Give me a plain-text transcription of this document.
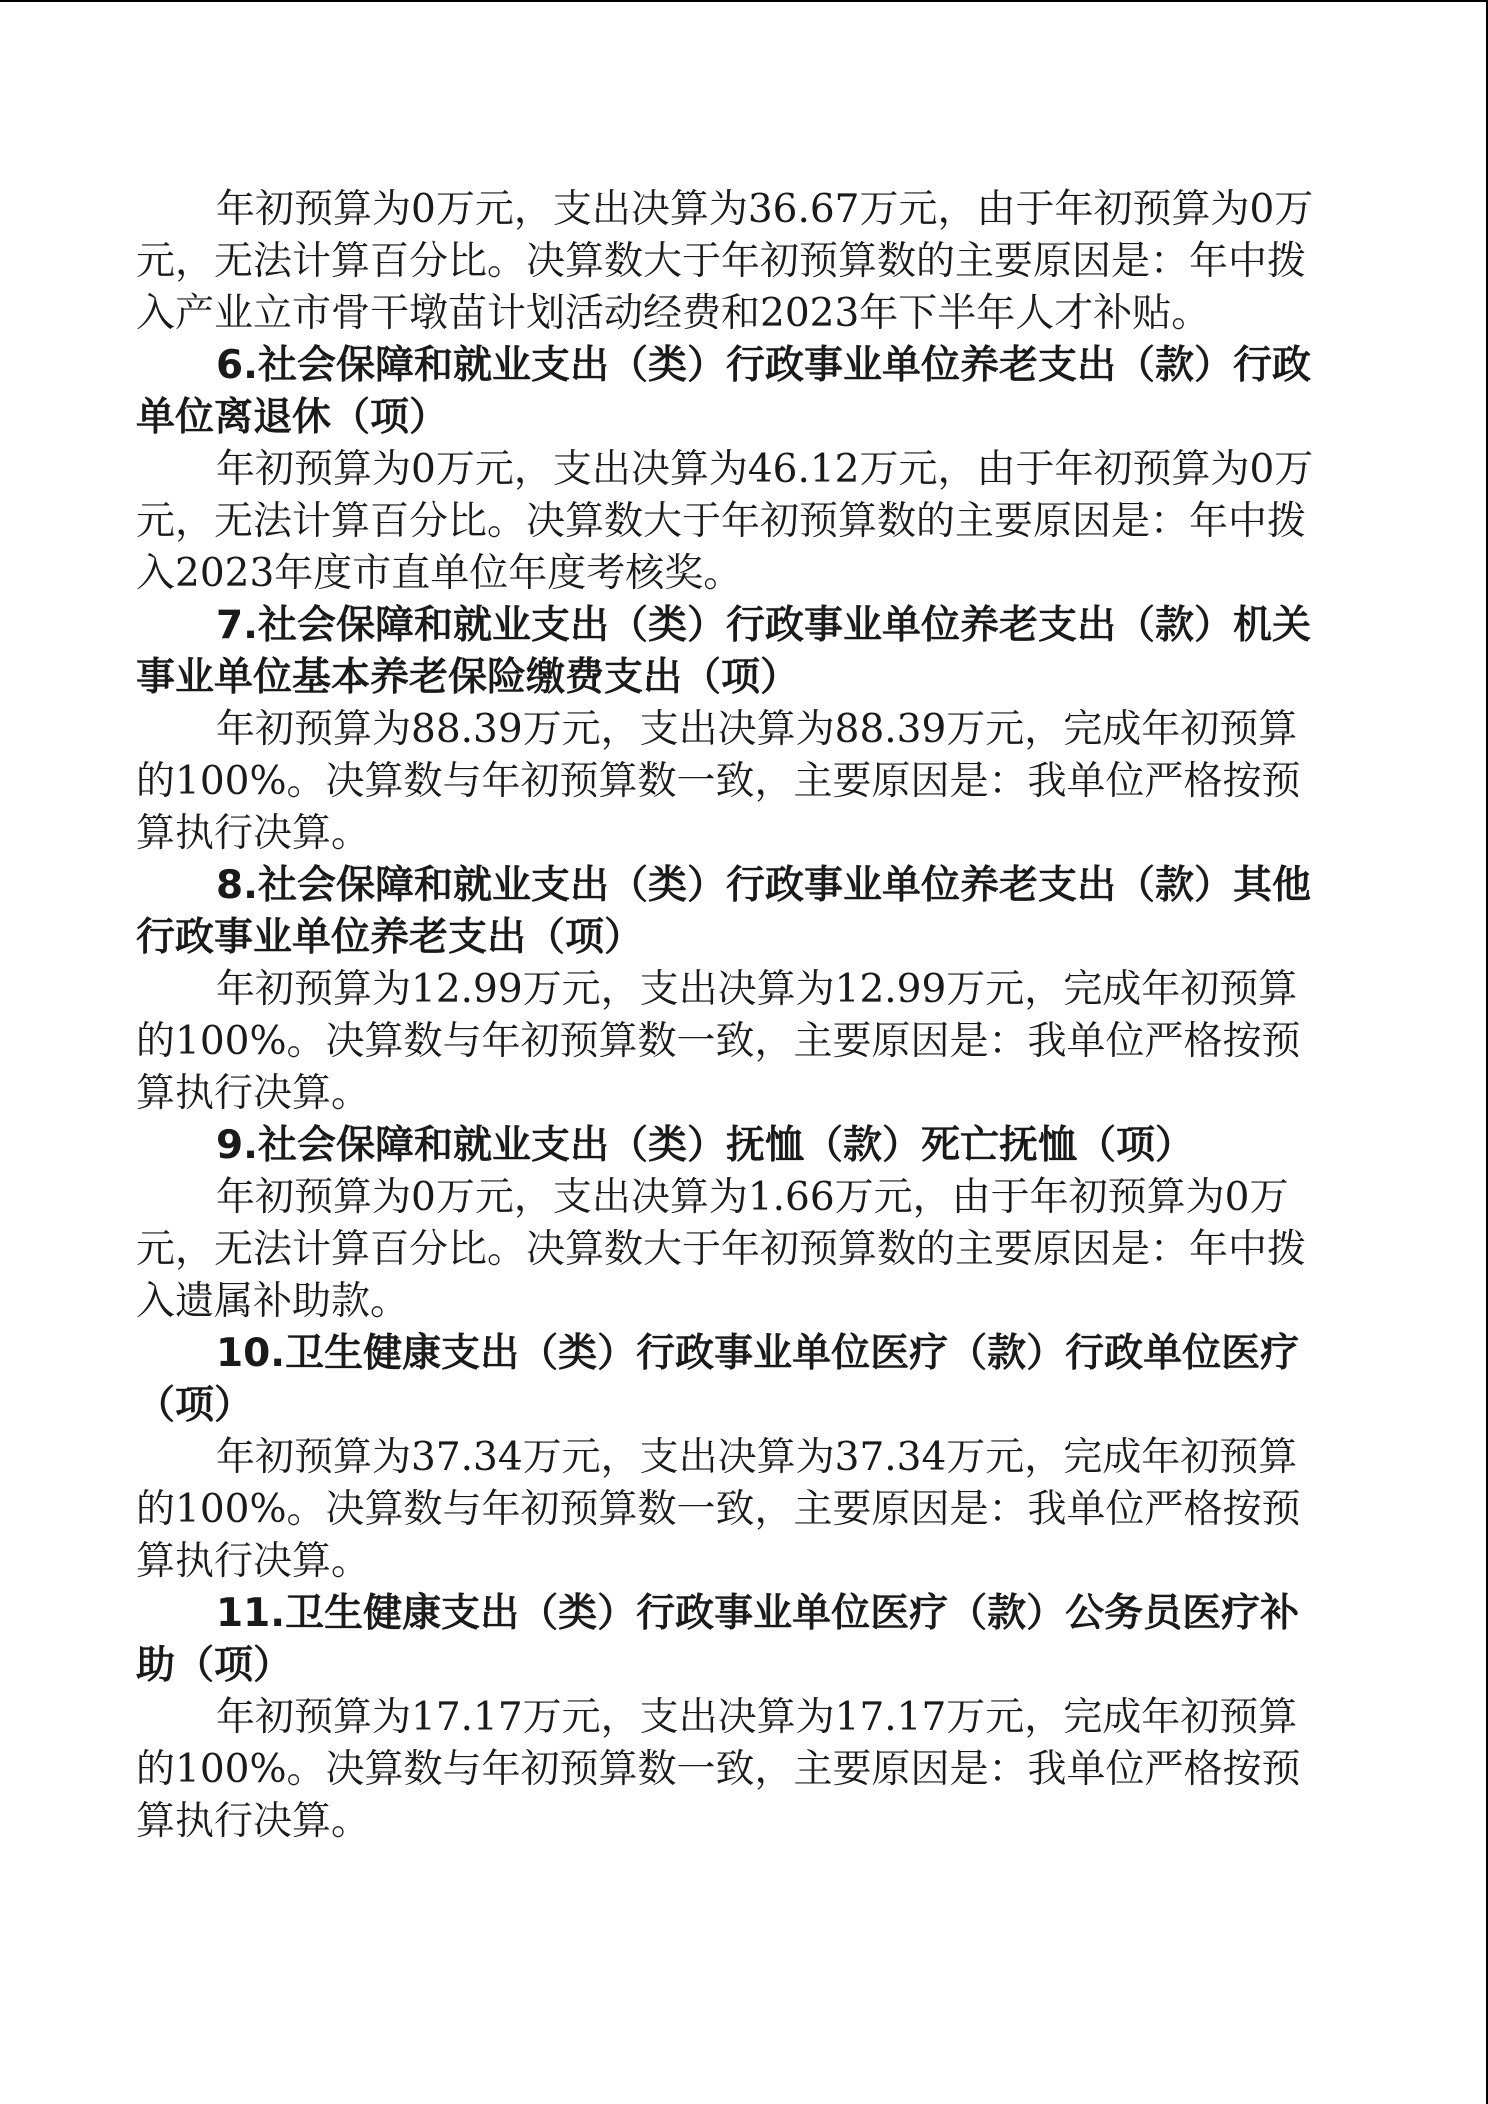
年初预算为0万元，支出决算为36.67万元，由于年初预算为0万元，无法计算百分比。决算数大于年初预算数的主要原因是：年中拨入产业立市骨干墩苗计划活动经费和2023年下半年人才补贴。

6.社会保障和就业支出（类）行政事业单位养老支出（款）行政单位离退休（项）

年初预算为0万元，支出决算为46.12万元，由于年初预算为0万元，无法计算百分比。决算数大于年初预算数的主要原因是：年中拨入2023年度市直单位年度考核奖。

7.社会保障和就业支出（类）行政事业单位养老支出（款）机关事业单位基本养老保险缴费支出（项）

年初预算为88.39万元，支出决算为88.39万元，完成年初预算的100%。决算数与年初预算数一致，主要原因是：我单位严格按预算执行决算。

8.社会保障和就业支出（类）行政事业单位养老支出（款）其他行政事业单位养老支出（项）

年初预算为12.99万元，支出决算为12.99万元，完成年初预算的100%。决算数与年初预算数一致，主要原因是：我单位严格按预算执行决算。

9.社会保障和就业支出（类）抚恤（款）死亡抚恤（项）

年初预算为0万元，支出决算为1.66万元，由于年初预算为0万元，无法计算百分比。决算数大于年初预算数的主要原因是：年中拨入遗属补助款。

10.卫生健康支出（类）行政事业单位医疗（款）行政单位医疗（项）

年初预算为37.34万元，支出决算为37.34万元，完成年初预算的100%。决算数与年初预算数一致，主要原因是：我单位严格按预算执行决算。

11.卫生健康支出（类）行政事业单位医疗（款）公务员医疗补助（项）

年初预算为17.17万元，支出决算为17.17万元，完成年初预算的100%。决算数与年初预算数一致，主要原因是：我单位严格按预算执行决算。
